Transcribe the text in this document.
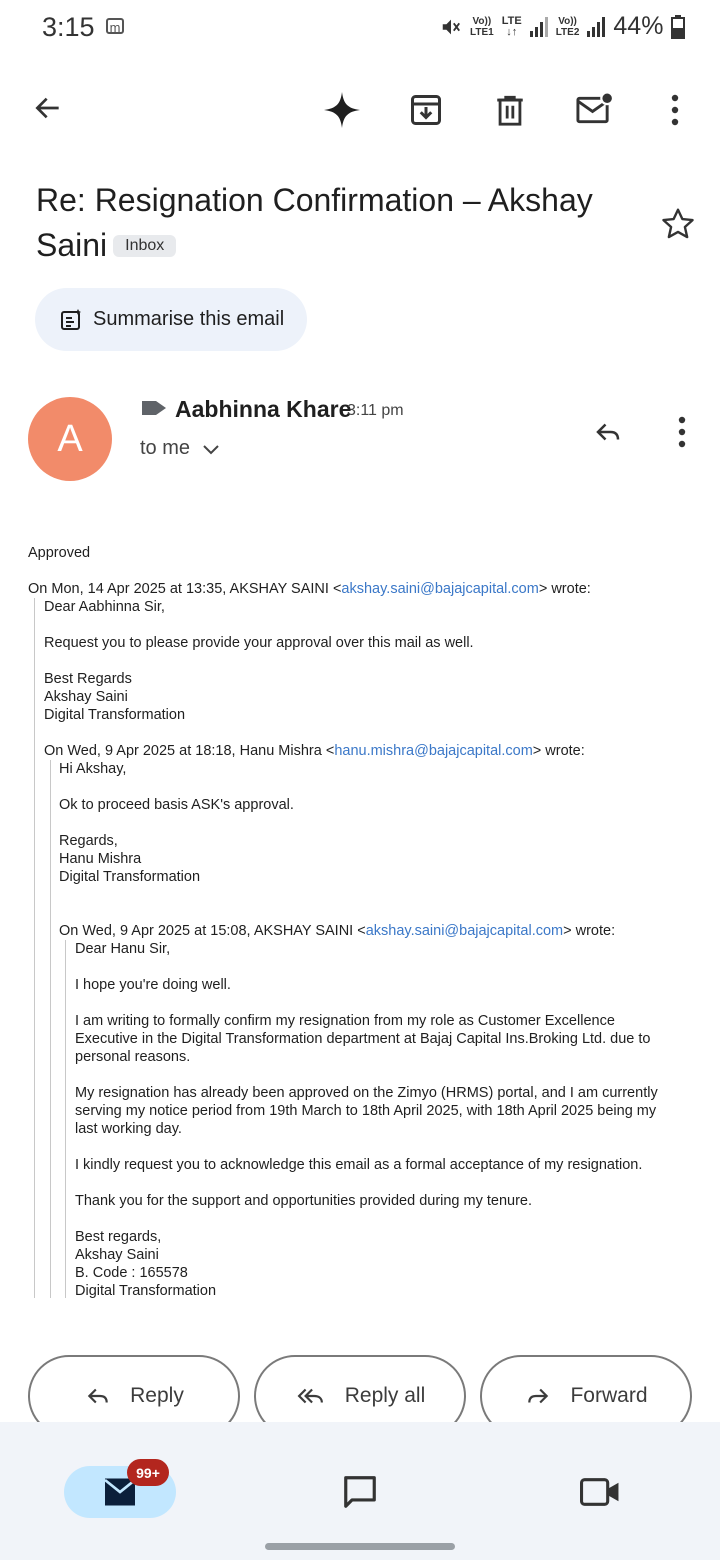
3:15 m	Vo))
LTE1
LTE
↓↑
Vo))
LTE2 44%
Re: Resignation Confirmation – Akshay Saini Inbox
Summarise this email
A
Aabhinna Khare
3:11 pm
to me
Approved
On Mon, 14 Apr 2025 at 13:35, AKSHAY SAINI <akshay.saini@bajajcapital.com> wrote:
Dear Aabhinna Sir,
Request you to please provide your approval over this mail as well.
Best Regards
Akshay Saini
Digital Transformation
On Wed, 9 Apr 2025 at 18:18, Hanu Mishra <hanu.mishra@bajajcapital.com> wrote:
Hi Akshay,
Ok to proceed basis ASK's approval.
Regards,
Hanu Mishra
Digital Transformation
On Wed, 9 Apr 2025 at 15:08, AKSHAY SAINI <akshay.saini@bajajcapital.com> wrote:
Dear Hanu Sir,
I hope you're doing well.
I am writing to formally confirm my resignation from my role as Customer Excellence
Executive in the Digital Transformation department at Bajaj Capital Ins.Broking Ltd. due to
personal reasons.
My resignation has already been approved on the Zimyo (HRMS) portal, and I am currently
serving my notice period from 19th March to 18th April 2025, with 18th April 2025 being my
last working day.
I kindly request you to acknowledge this email as a formal acceptance of my resignation.
Thank you for the support and opportunities provided during my tenure.
Best regards,
Akshay Saini
B. Code : 165578
Digital Transformation
Reply	Reply all	Forward
99+
